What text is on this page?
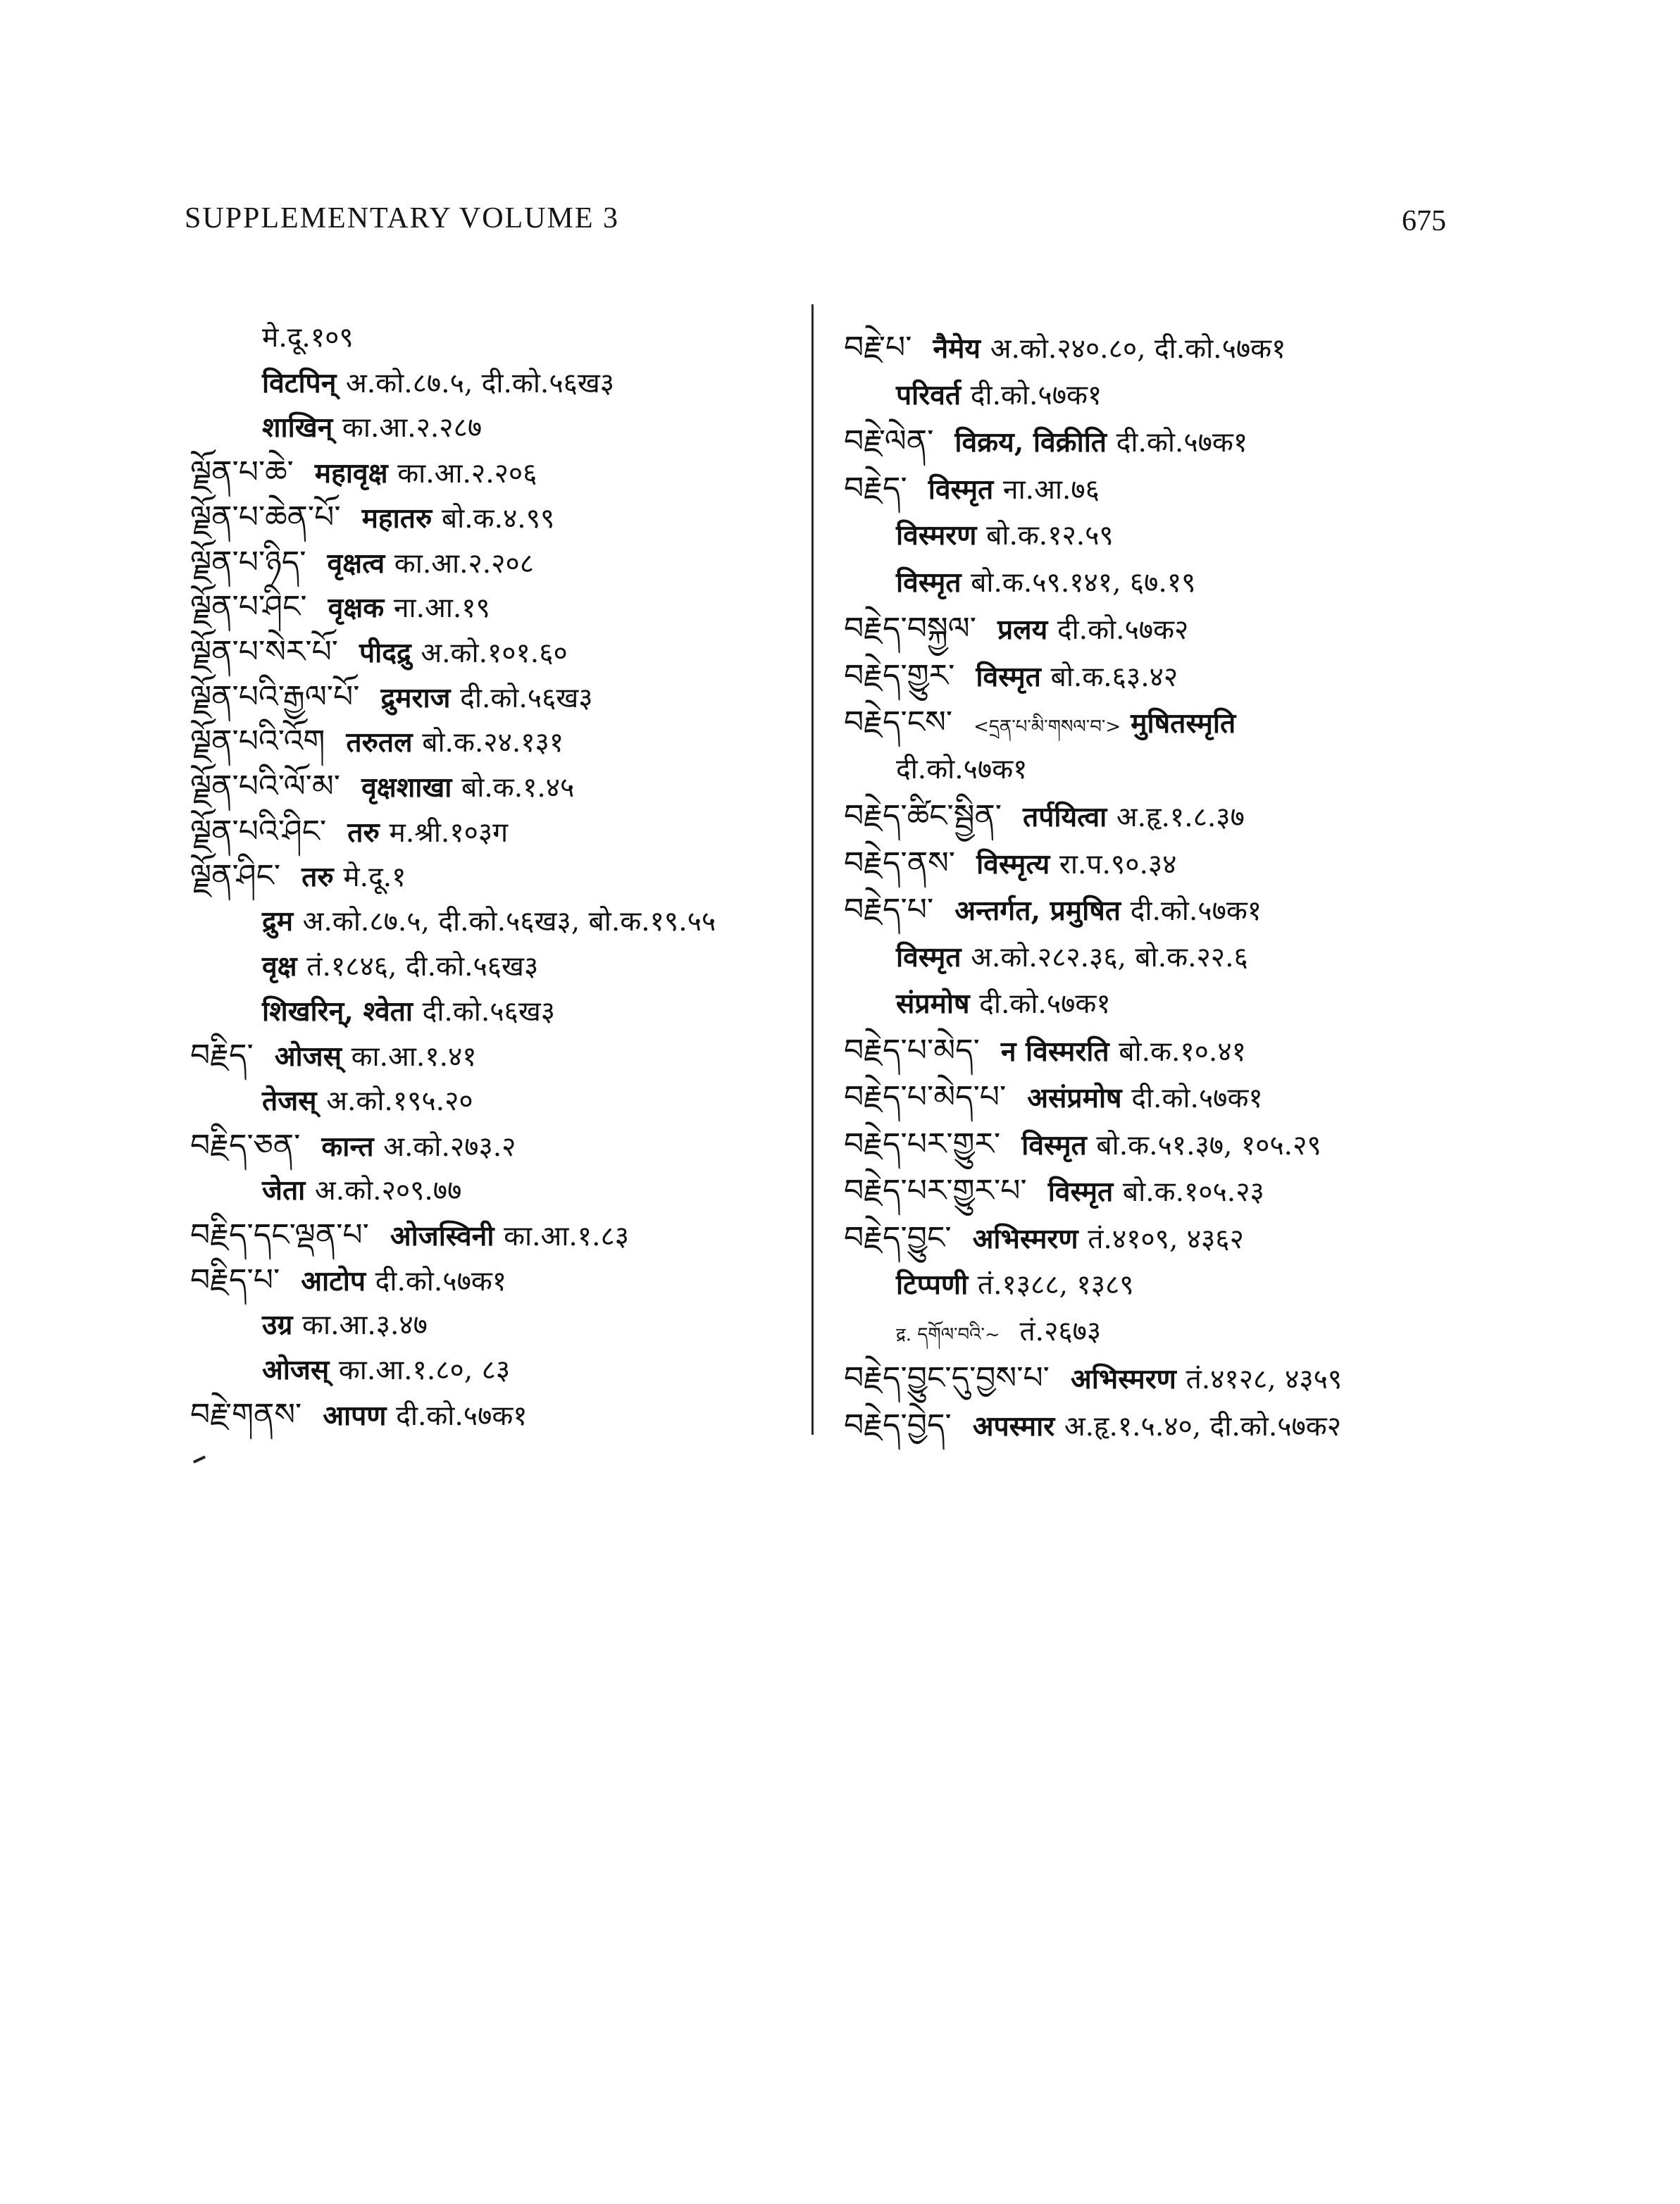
SUPPLEMENTARY VOLUME 3	675
मे.दू.१०९
विटपिन् अ.को.८७.५, दी.को.५६ख३
शाखिन् का.आ.२.२८७
ལྗོན་པ་ཆེ་ महावृक्ष का.आ.२.२०६
ལྗོན་པ་ཆེན་པོ་ महातरु बो.क.४.९९
ལྗོན་པ་ཉིད་ वृक्षत्व का.आ.२.२०८
ལྗོན་པ་ཤིང་ वृक्षक ना.आ.१९
ལྗོན་པ་སེར་པོ་ पीदद्रु अ.को.१०१.६०
ལྗོན་པའི་རྒྱལ་པོ་ द्रुमराज दी.को.५६ख३
ལྗོན་པའི་འོག तरुतल बो.क.२४.१३१
ལྗོན་པའི་ལོ་མ་ वृक्षशाखा बो.क.१.४५
ལྗོན་པའི་ཤིང་ तरु म.श्री.१०३ग
ལྗོན་ཤིང་ तरु मे.दू.१
द्रुम अ.को.८७.५, दी.को.५६ख३, बो.क.१९.५५
वृक्ष तं.१८४६, दी.को.५६ख३
शिखरिन्, श्वेता दी.को.५६ख३
བརྗིད་ ओजस् का.आ.१.४१
तेजस् अ.को.१९५.२०
བརྗིད་ཅན་ कान्त अ.को.२७३.२
जेता अ.को.२०९.७७
བརྗིད་དང་ལྡན་པ་ ओजस्विनी का.आ.१.८३
བརྗིད་པ་ आटोप दी.को.५७क१
उग्र का.आ.३.४७
ओजस् का.आ.१.८०, ८३
བརྗེ་གནས་ आपण दी.को.५७क१
བརྗེ་པ་ नैमेय अ.को.२४०.८०, दी.को.५७क१
परिवर्त दी.को.५७क१
བརྗེ་ལེན་ विक्रय, विक्रीति दी.को.५७क१
བརྗེད་ विस्मृत ना.आ.७६
विस्मरण बो.क.१२.५९
विस्मृत बो.क.५९.१४१, ६७.१९
བརྗེད་བསྐྱལ་ प्रलय दी.को.५७क२
བརྗེད་གྱུར་ विस्मृत बो.क.६३.४२
བརྗེད་ངས་ <དྲན་པ་མི་གསལ་བ་> मुषितस्मृति
दी.को.५७क१
བརྗེད་ཚིང་སྦྱིན་ तर्पयित्वा अ.हृ.१.८.३७
བརྗེད་ནས་ विस्मृत्य रा.प.९०.३४
བརྗེད་པ་ अन्तर्गत, प्रमुषित दी.को.५७क१
विस्मृत अ.को.२८२.३६, बो.क.२२.६
संप्रमोष दी.को.५७क१
བརྗེད་པ་མེད་ न विस्मरति बो.क.१०.४१
བརྗེད་པ་མེད་པ་ असंप्रमोष दी.को.५७क१
བརྗེད་པར་གྱུར་ विस्मृत बो.क.५१.३७, १०५.२९
བརྗེད་པར་གྱུར་པ་ विस्मृत बो.क.१०५.२३
བརྗེད་བྱུང་ अभिस्मरण तं.४१०९, ४३६२
टिप्पणी तं.१३८८, १३८९
द्र. དགོལ་བའི་~ तं.२६७३
བརྗེད་བྱུང་དུ་བྱས་པ་ अभिस्मरण तं.४१२८, ४३५९
བརྗེད་བྱེད་ अपस्मार अ.हृ.१.५.४०, दी.को.५७क२
